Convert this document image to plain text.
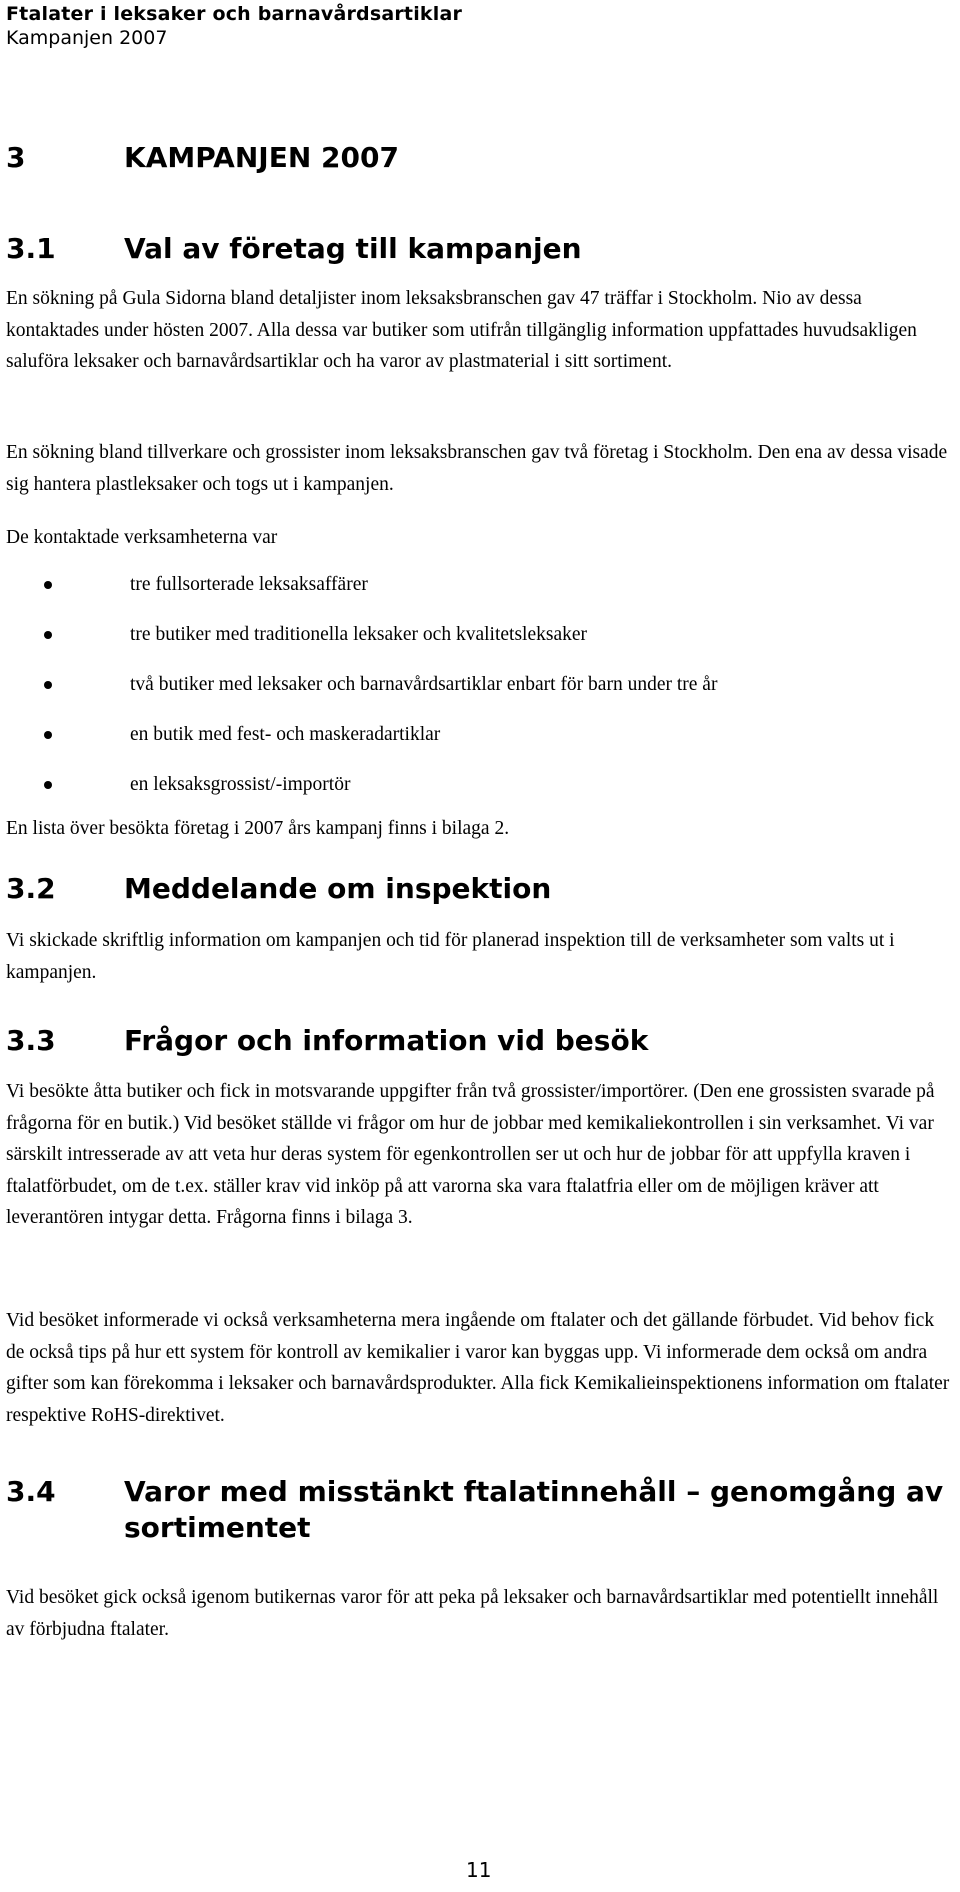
Ftalater i leksaker och barnavårdsartiklar
Kampanjen 2007
3	KAMPANJEN 2007
3.1	Val av företag till kampanjen

En sökning på Gula Sidorna bland detaljister inom leksaksbranschen gav 47 träffar i Stockholm. Nio av dessa kontaktades under hösten 2007. Alla dessa var butiker som utifrån tillgänglig information uppfattades huvudsakligen saluföra leksaker och barnavårdsartiklar och ha varor av plastmaterial i sitt sortiment.

En sökning bland tillverkare och grossister inom leksaksbranschen gav två företag i Stockholm. Den ena av dessa visade sig hantera plastleksaker och togs ut i kampanjen.

De kontaktade verksamheterna var

tre fullsorterade leksaksaffärer
tre butiker med traditionella leksaker och kvalitetsleksaker
två butiker med leksaker och barnavårdsartiklar enbart för barn under tre år
en butik med fest- och maskeradartiklar
en leksaksgrossist/-importör

En lista över besökta företag i 2007 års kampanj finns i bilaga 2.

3.2	Meddelande om inspektion

Vi skickade skriftlig information om kampanjen och tid för planerad inspektion till de verksamheter som valts ut i kampanjen.

3.3	Frågor och information vid besök

Vi besökte åtta butiker och fick in motsvarande uppgifter från två grossister/importörer. (Den ene grossisten svarade på frågorna för en butik.) Vid besöket ställde vi frågor om hur de jobbar med kemikaliekontrollen i sin verksamhet. Vi var särskilt intresserade av att veta hur deras system för egenkontrollen ser ut och hur de jobbar för att uppfylla kraven i ftalatförbudet, om de t.ex. ställer krav vid inköp på att varorna ska vara ftalatfria eller om de möjligen kräver att leverantören intygar detta. Frågorna finns i bilaga 3.

Vid besöket informerade vi också verksamheterna mera ingående om ftalater och det gällande förbudet. Vid behov fick de också tips på hur ett system för kontroll av kemikalier i varor kan byggas upp. Vi informerade dem också om andra gifter som kan förekomma i leksaker och barnavårdsprodukter. Alla fick Kemikalieinspektionens information om ftalater respektive RoHS-direktivet.

3.4	Varor med misstänkt ftalatinnehåll – genomgång av sortimentet

Vid besöket gick också igenom butikernas varor för att peka på leksaker och barnavårdsartiklar med potentiellt innehåll av förbjudna ftalater.

11
